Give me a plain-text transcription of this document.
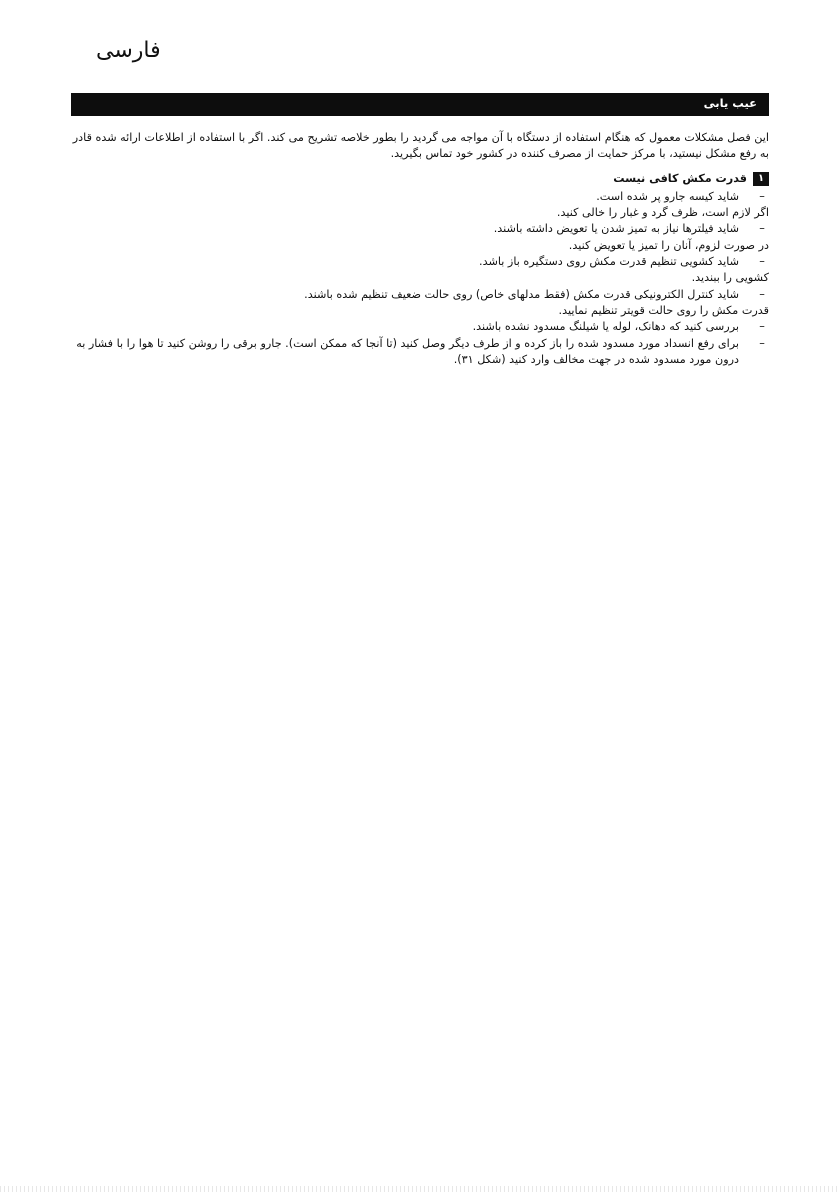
فارسی
عیب یابی

این فصل مشکلات معمول که هنگام استفاده از دستگاه با آن مواجه می گردید را بطور خلاصه تشریح می کند. اگر با استفاده از اطلاعات ارائه شده قادر به رفع مشکل نیستید، با مرکز حمایت از مصرف کننده در کشور خود تماس بگیرید.

۱
قدرت مکش کافی نیست

–
شاید کیسه جارو پر شده است.

اگر لازم است، ظرف گرد و غبار را خالی کنید.

–
شاید فیلترها نیاز به تمیز شدن یا تعویض داشته باشند.

در صورت لزوم، آنان را تمیز یا تعویض کنید.

–
شاید کشویی تنظیم قدرت مکش روی دستگیره باز باشد.

کشویی را ببندید.

–
شاید کنترل الکترونیکی قدرت مکش (فقط مدلهای خاص) روی حالت ضعیف تنظیم شده باشند.

قدرت مکش را روی حالت قویتر تنظیم نمایید.

–
بررسی کنید که دهانک، لوله یا شیلنگ مسدود نشده باشند.

–
برای رفع انسداد مورد مسدود شده را باز کرده و از طرف دیگر وصل کنید (تا آنجا که ممکن است). جارو برقی را روشن کنید تا هوا را با فشار به درون مورد مسدود شده در جهت مخالف وارد کنید (شکل ۳۱).
